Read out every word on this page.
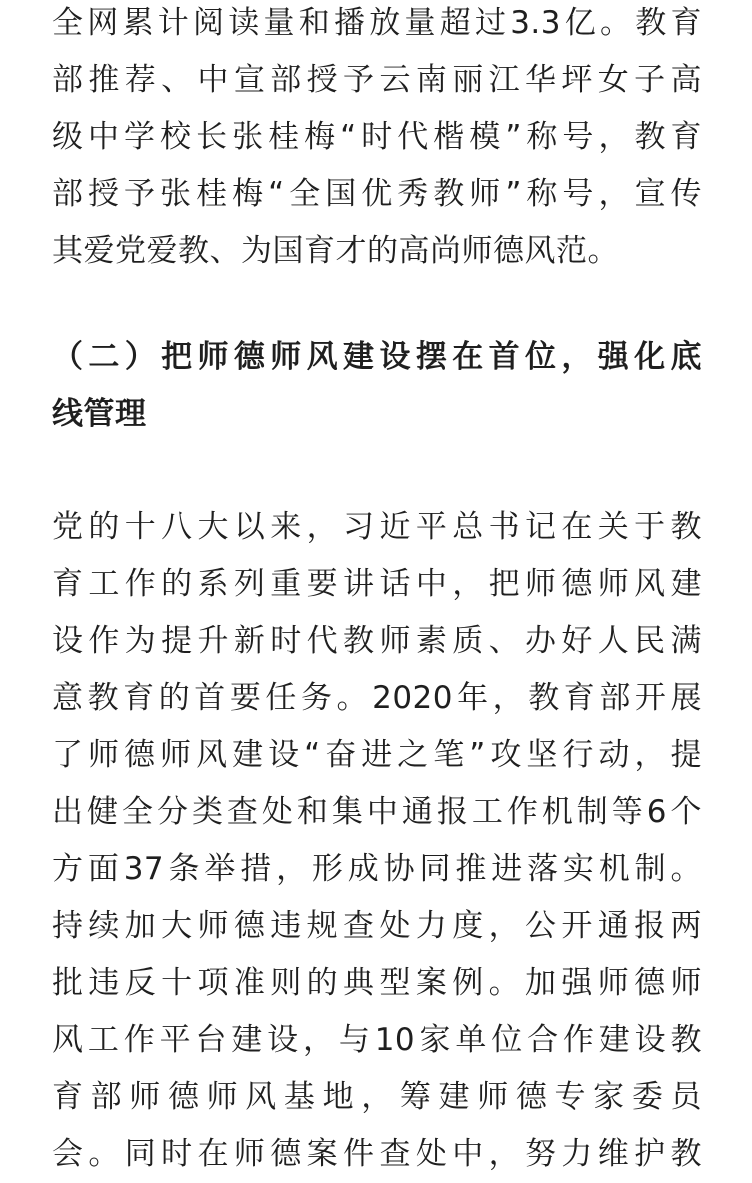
全网累计阅读量和播放量超过3.3亿。教育
部推荐、中宣部授予云南丽江华坪女子高
级中学校长张桂梅“时代楷模”称号，教育
部授予张桂梅“全国优秀教师”称号，宣传
其爱党爱教、为国育才的高尚师德风范。
（二）把师德师风建设摆在首位，强化底
线管理
党的十八大以来，习近平总书记在关于教
育工作的系列重要讲话中，把师德师风建
设作为提升新时代教师素质、办好人民满
意教育的首要任务。2020年，教育部开展
了师德师风建设“奋进之笔”攻坚行动，提
出健全分类查处和集中通报工作机制等6个
方面37条举措，形成协同推进落实机制。
持续加大师德违规查处力度，公开通报两
批违反十项准则的典型案例。加强师德师
风工作平台建设，与10家单位合作建设教
育部师德师风基地，筹建师德专家委员
会。同时在师德案件查处中，努力维护教
